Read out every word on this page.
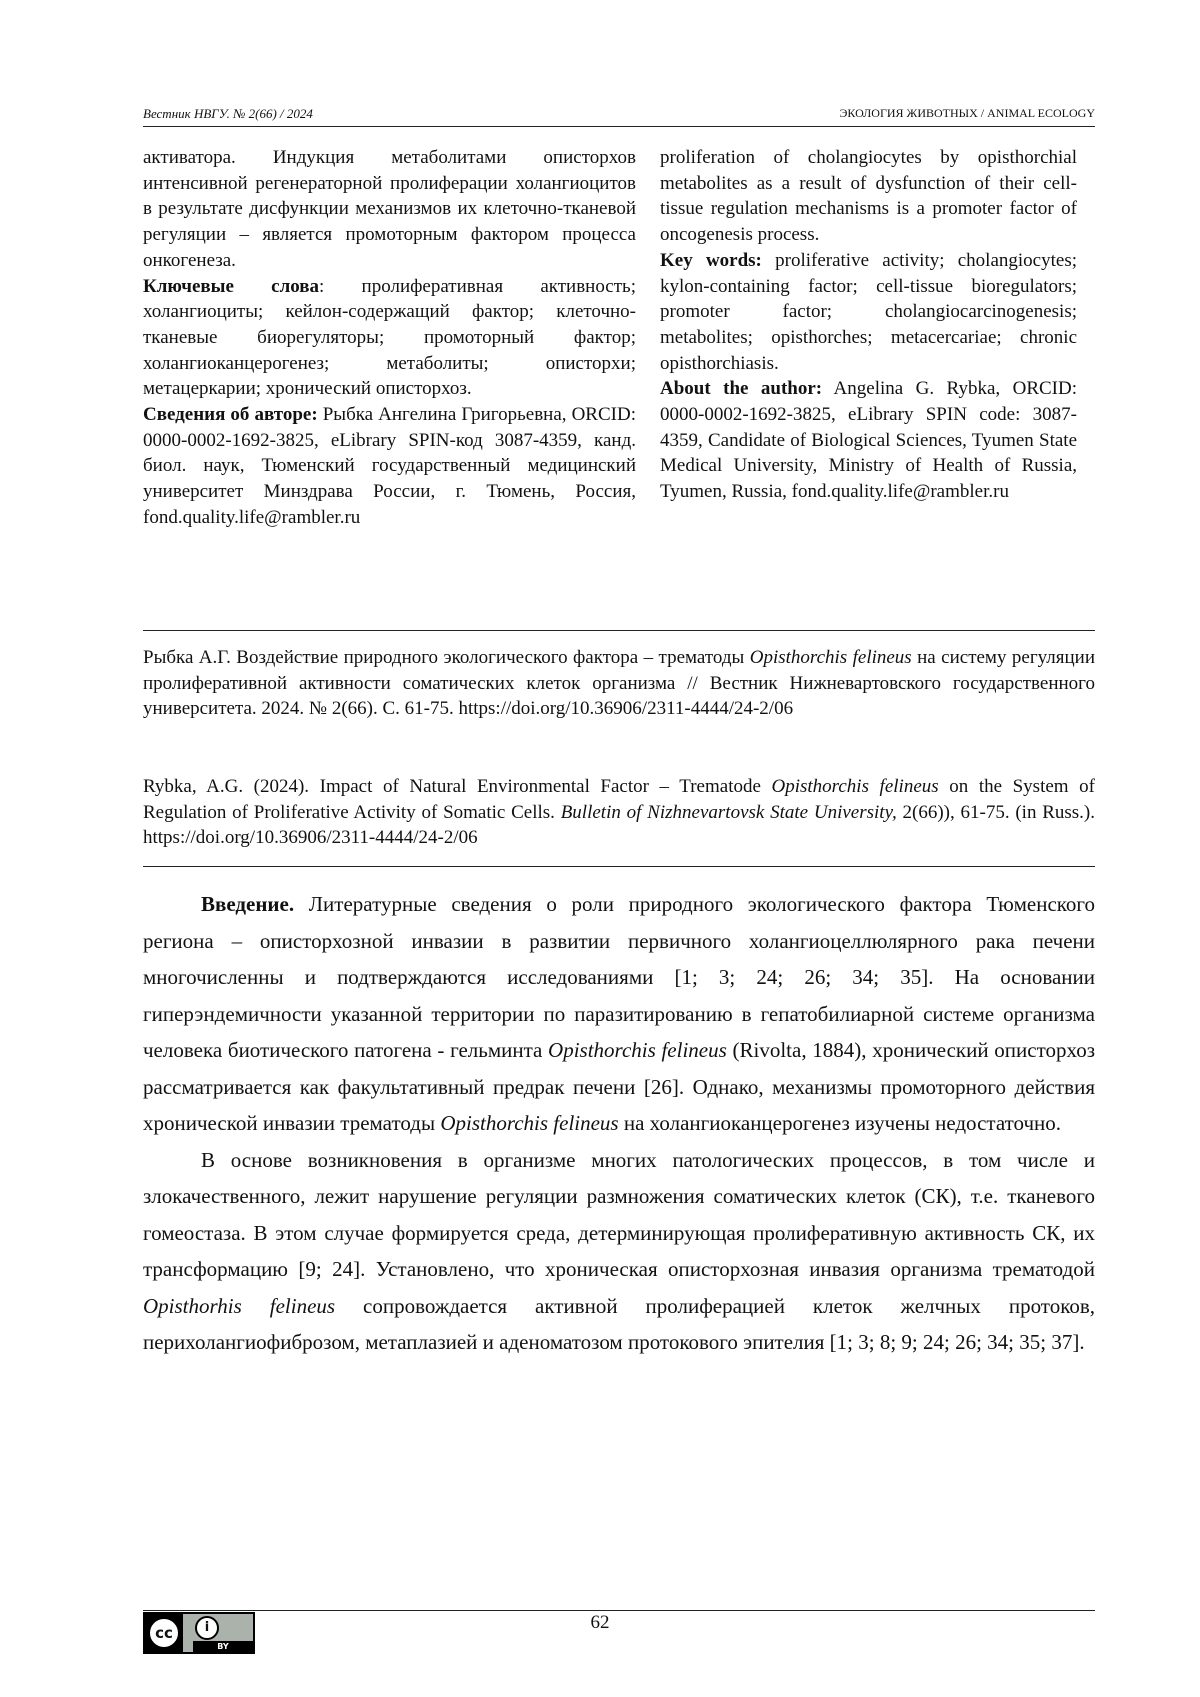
Вестник НВГУ. № 2(66) / 2024	ЭКОЛОГИЯ ЖИВОТНЫХ / ANIMAL ECOLOGY

активатора. Индукция метаболитами описторхов интенсивной регенераторной пролиферации холангиоцитов в результате дисфункции механизмов их клеточно-тканевой регуляции – является промоторным фактором процесса онкогенеза.

Ключевые слова: пролиферативная активность; холангиоциты; кейлон-содержащий фактор; клеточно-тканевые биорегуляторы; промоторный фактор; холангиоканцерогенез; метаболиты; описторхи; метацеркарии; хронический описторхоз.

Сведения об авторе: Рыбка Ангелина Григорьевна, ORCID: 0000-0002-1692-3825, eLibrary SPIN-код 3087-4359, канд. биол. наук, Тюменский государственный медицинский университет Минздрава России, г. Тюмень, Россия, fond.quality.life@rambler.ru

proliferation of cholangiocytes by opisthorchial metabolites as a result of dysfunction of their cell-tissue regulation mechanisms is a promoter factor of oncogenesis process.

Key words: proliferative activity; cholangiocytes; kylon-containing factor; cell-tissue bioregulators; promoter factor; cholangiocarcinogenesis; metabolites; opisthorches; metacercariae; chronic opisthorchiasis.

About the author: Angelina G. Rybka, ORCID: 0000-0002-1692-3825, eLibrary SPIN code: 3087-4359, Candidate of Biological Sciences, Tyumen State Medical University, Ministry of Health of Russia, Tyumen, Russia, fond.quality.life@rambler.ru

Рыбка А.Г. Воздействие природного экологического фактора – трематоды Opisthorchis felineus на систему регуляции пролиферативной активности соматических клеток организма // Вестник Нижневартовского государственного университета. 2024. № 2(66). С. 61-75. https://doi.org/10.36906/2311-4444/24-2/06

Rybka, A.G. (2024). Impact of Natural Environmental Factor – Trematode Opisthorchis felineus on the System of Regulation of Proliferative Activity of Somatic Cells. Bulletin of Nizhnevartovsk State University, 2(66)), 61-75. (in Russ.). https://doi.org/10.36906/2311-4444/24-2/06

Введение. Литературные сведения о роли природного экологического фактора Тюменского региона – описторхозной инвазии в развитии первичного холангиоцеллюлярного рака печени многочисленны и подтверждаются исследованиями [1; 3; 24; 26; 34; 35]. На основании гиперэндемичности указанной территории по паразитированию в гепатобилиарной системе организма человека биотического патогена - гельминта Opisthorchis felineus (Rivolta, 1884), хронический описторхоз рассматривается как факультативный предрак печени [26]. Однако, механизмы промоторного действия хронической инвазии трематоды Opisthorchis felineus на холангиоканцерогенез изучены недостаточно.

В основе возникновения в организме многих патологических процессов, в том числе и злокачественного, лежит нарушение регуляции размножения соматических клеток (СК), т.е. тканевого гомеостаза. В этом случае формируется среда, детерминирующая пролиферативную активность СК, их трансформацию [9; 24]. Установлено, что хроническая описторхозная инвазия организма трематодой Opisthorhis felineus сопровождается активной пролиферацией клеток желчных протоков, перихолангиофиброзом, метаплазией и аденоматозом протокового эпителия [1; 3; 8; 9; 24; 26; 34; 35; 37].

cc	i
BY
62
